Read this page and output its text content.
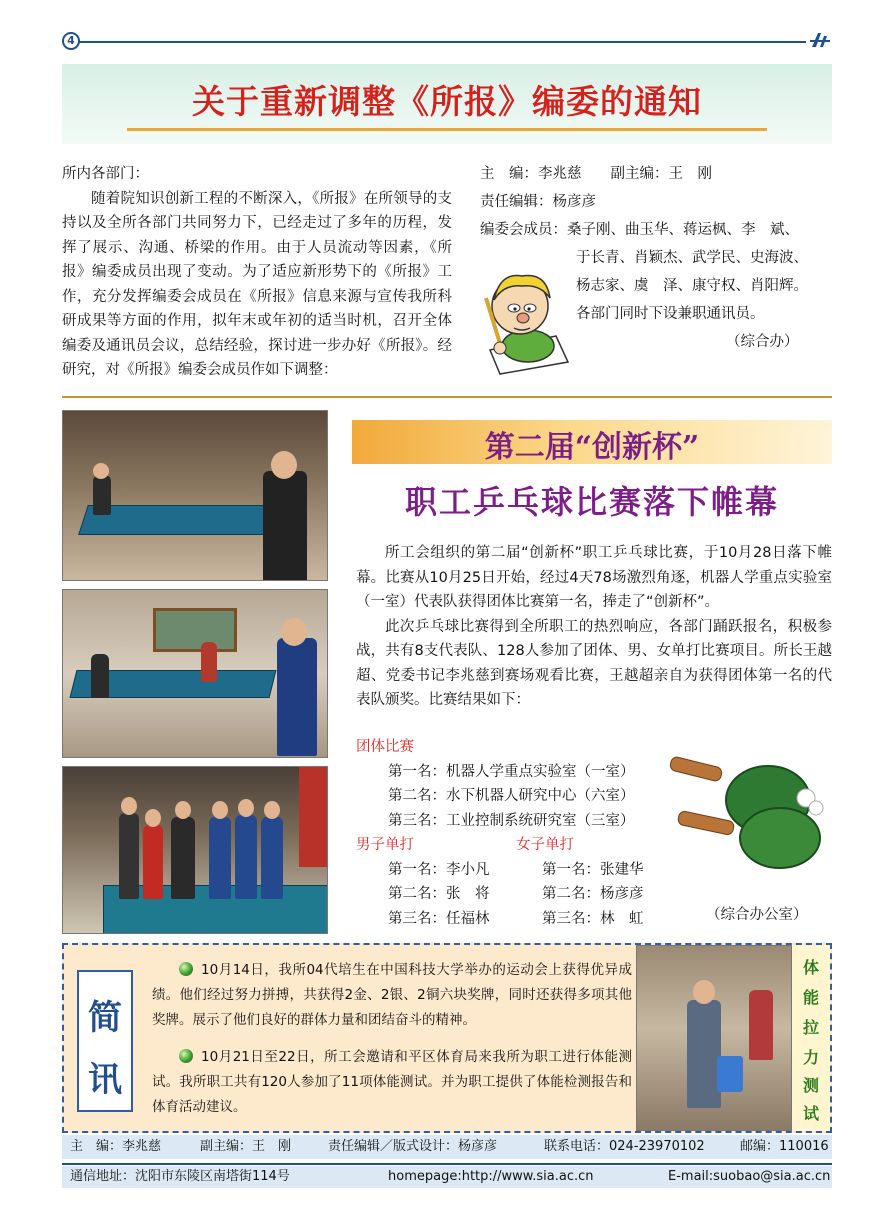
4
关于重新调整《所报》编委的通知

所内各部门：

随着院知识创新工程的不断深入，《所报》在所领导的支持以及全所各部门共同努力下，已经走过了多年的历程，发挥了展示、沟通、桥梁的作用。由于人员流动等因素，《所报》编委成员出现了变动。为了适应新形势下的《所报》工作，充分发挥编委会成员在《所报》信息来源与宣传我所科研成果等方面的作用，拟年末或年初的适当时机，召开全体编委及通讯员会议，总结经验，探讨进一步办好《所报》。经研究，对《所报》编委会成员作如下调整：

主　编：李兆慈　　副主编：王　刚
责任编辑：杨彦彦
编委会成员：桑子刚、曲玉华、蒋运枫、李　斌、
于长青、肖颖杰、武学民、史海波、
杨志家、虞　泽、康守权、肖阳辉。
各部门同时下设兼职通讯员。
（综合办）
第二届“创新杯”
职工乒乓球比赛落下帷幕

所工会组织的第二届“创新杯”职工乒乓球比赛，于10月28日落下帷幕。比赛从10月25日开始，经过4天78场激烈角逐，机器人学重点实验室（一室）代表队获得团体比赛第一名，捧走了“创新杯”。

此次乒乓球比赛得到全所职工的热烈响应，各部门踊跃报名，积极参战，共有8支代表队、128人参加了团体、男、女单打比赛项目。所长王越超、党委书记李兆慈到赛场观看比赛，王越超亲自为获得团体第一名的代表队颁奖。比赛结果如下：

团体比赛
第一名：机器人学重点实验室（一室）
第二名：水下机器人研究中心（六室）
第三名：工业控制系统研究室（三室）
男子单打	女子单打
第一名：李小凡	第一名：张建华
第二名：张　将	第二名：杨彦彦
第三名：任福林	第三名：林　虹	（综合办公室）
简
讯

10月14日，我所04代培生在中国科技大学举办的运动会上获得优异成绩。他们经过努力拼搏，共获得2金、2银、2铜六块奖牌，同时还获得多项其他奖牌。展示了他们良好的群体力量和团结奋斗的精神。

10月21日至22日，所工会邀请和平区体育局来我所为职工进行体能测试。我所职工共有120人参加了11项体能测试。并为职工提供了体能检测报告和体育活动建议。

体
能
拉
力
测
试
主　编：李兆慈	副主编：王　刚	责任编辑／版式设计：杨彦彦	联系电话：024-23970102	邮编：110016
通信地址：沈阳市东陵区南塔街114号	homepage:http://www.sia.ac.cn	E-mail:suobao@sia.ac.cn
